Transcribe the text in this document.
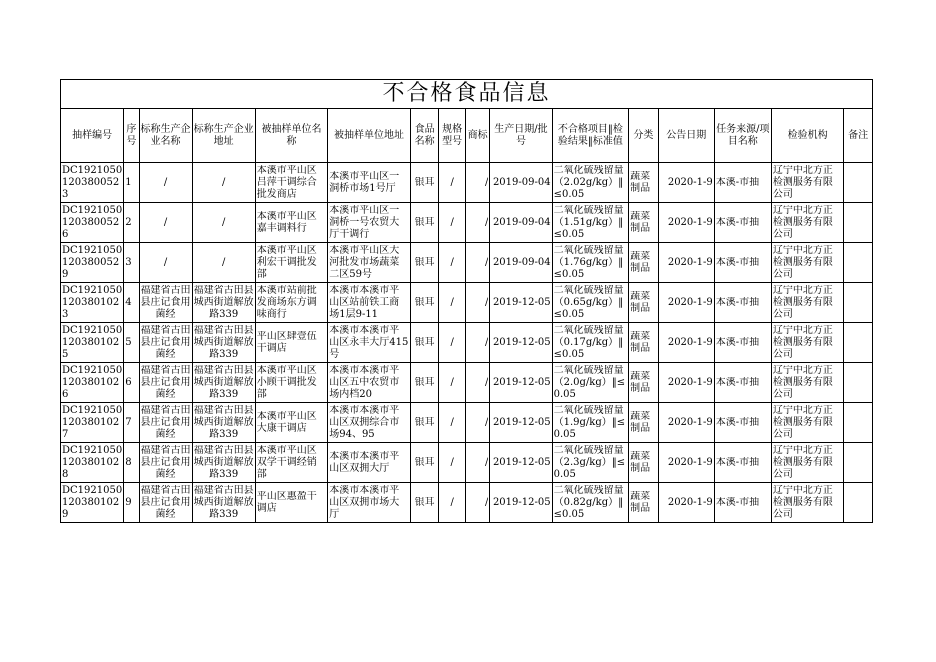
不合格食品信息															
抽样编号	序号	标称生产企业名称	标称生产企业地址	被抽样单位名称	被抽样单位地址	食品名称	规格型号	商标	生产日期/批号	不合格项目‖检验结果‖标准值	分类	公告日期	任务来源/项目名称	检验机构	备注

DC19210501203800523	1	/	/	本溪市平山区吕萍干调综合批发商店	本溪市平山区一洞桥市场1号厅	银耳	/	/	2019-09-04	二氧化硫残留量（2.02g/kg）‖≤0.05	蔬菜制品	2020-1-9	本溪-市抽	辽宁中北方正检测服务有限公司	

DC19210501203800526	2	/	/	本溪市平山区嘉丰调料行	本溪市平山区一洞桥一号农贸大厅干调行	银耳	/	/	2019-09-04	二氧化硫残留量（1.51g/kg）‖≤0.05	蔬菜制品	2020-1-9	本溪-市抽	辽宁中北方正检测服务有限公司	

DC19210501203800529	3	/	/	本溪市平山区利宏干调批发部	本溪市平山区大河批发市场蔬菜二区59号	银耳	/	/	2019-09-04	二氧化硫残留量（1.76g/kg）‖≤0.05	蔬菜制品	2020-1-9	本溪-市抽	辽宁中北方正检测服务有限公司	

DC19210501203801023	4	福建省古田县庄记食用菌经	福建省古田县城西街道解放路339	本溪市站前批发商场东方调味商行	本溪市本溪市平山区站前铁工商场1层9-11	银耳	/	/	2019-12-05	二氧化硫残留量（0.65g/kg）‖≤0.05	蔬菜制品	2020-1-9	本溪-市抽	辽宁中北方正检测服务有限公司	

DC19210501203801025	5	福建省古田县庄记食用菌经	福建省古田县城西街道解放路339	平山区肆壹伍干调店	本溪市本溪市平山区永丰大厅415号	银耳	/	/	2019-12-05	二氧化硫残留量（0.17g/kg）‖≤0.05	蔬菜制品	2020-1-9	本溪-市抽	辽宁中北方正检测服务有限公司	

DC19210501203801026	6	福建省古田县庄记食用菌经	福建省古田县城西街道解放路339	本溪市平山区小顾干调批发部	本溪市本溪市平山区五中农贸市场内档20	银耳	/	/	2019-12-05	二氧化硫残留量（2.0g/kg）‖≤0.05	蔬菜制品	2020-1-9	本溪-市抽	辽宁中北方正检测服务有限公司	

DC19210501203801027	7	福建省古田县庄记食用菌经	福建省古田县城西街道解放路339	本溪市平山区大康干调店	本溪市本溪市平山区双拥综合市场94、95	银耳	/	/	2019-12-05	二氧化硫残留量（1.9g/kg）‖≤0.05	蔬菜制品	2020-1-9	本溪-市抽	辽宁中北方正检测服务有限公司	

DC19210501203801028	8	福建省古田县庄记食用菌经	福建省古田县城西街道解放路339	本溪市平山区双学干调经销部	本溪市本溪市平山区双拥大厅	银耳	/	/	2019-12-05	二氧化硫残留量（2.3g/kg）‖≤0.05	蔬菜制品	2020-1-9	本溪-市抽	辽宁中北方正检测服务有限公司	

DC19210501203801029	9	福建省古田县庄记食用菌经	福建省古田县城西街道解放路339	平山区惠盈干调店	本溪市本溪市平山区双拥市场大厅	银耳	/	/	2019-12-05	二氧化硫残留量（0.82g/kg）‖≤0.05	蔬菜制品	2020-1-9	本溪-市抽	辽宁中北方正检测服务有限公司	
